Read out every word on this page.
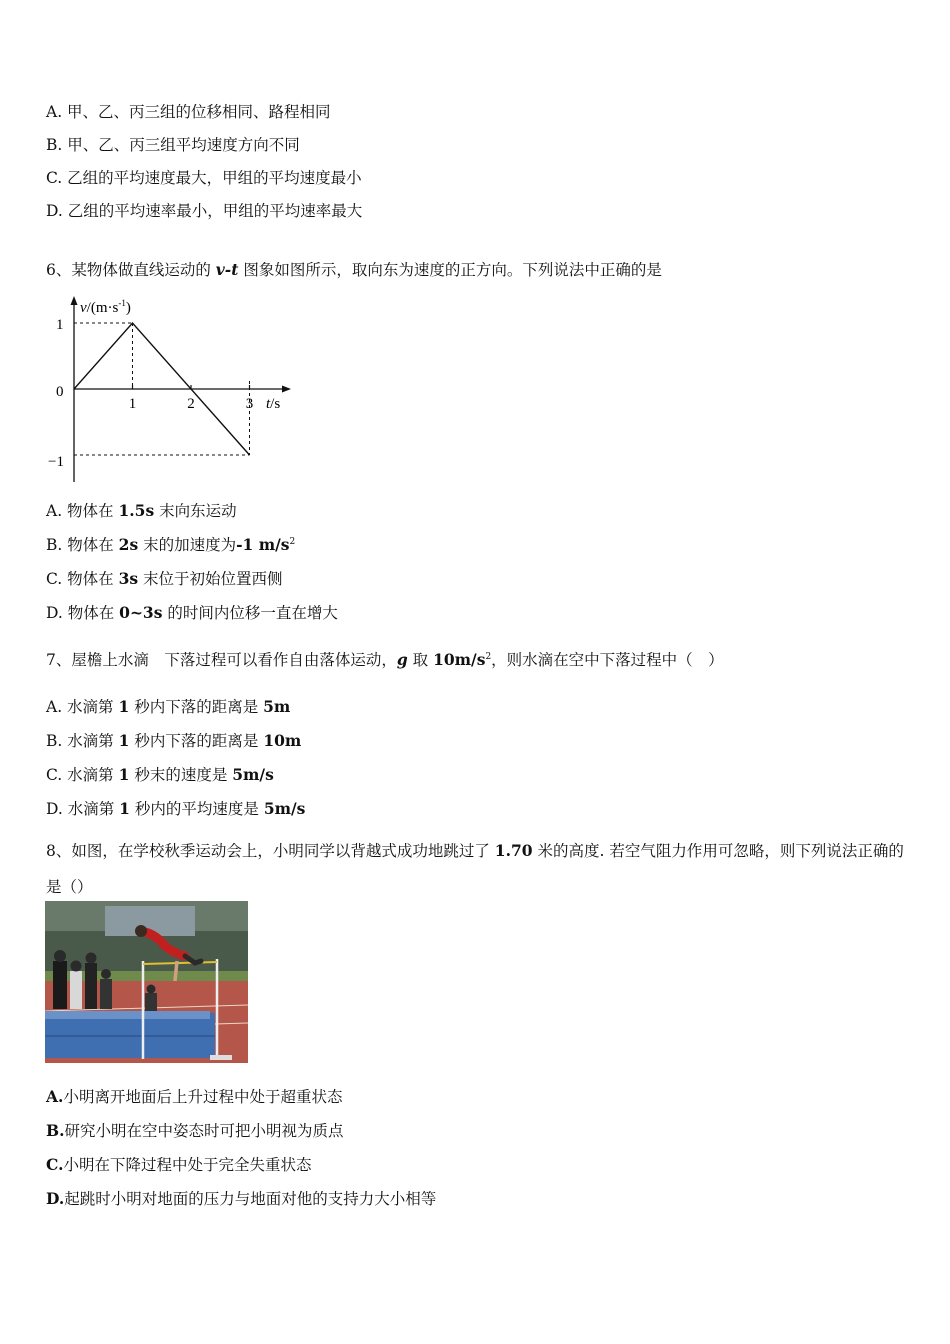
A. 甲、乙、丙三组的位移相同、路程相同
B. 甲、乙、丙三组平均速度方向不同
C. 乙组的平均速度最大，甲组的平均速度最小
D. 乙组的平均速率最小，甲组的平均速率最大
6、某物体做直线运动的 v-t 图象如图所示，取向东为速度的正方向。下列说法中正确的是
$v/(m\cdot s^{-1})$
1
0
−1
1	2	3 t/s
A. 物体在 1.5s 末向东运动
B. 物体在 2s 末的加速度为-1 $m/s^2$
C. 物体在 3s 末位于初始位置西侧
D. 物体在 0~3s 的时间内位移一直在增大
7、屋檐上水滴　下落过程可以看作自由落体运动，g 取 $10m/s^2$，则水滴在空中下落过程中（　）
A. 水滴第 1 秒内下落的距离是 5m
B. 水滴第 1 秒内下落的距离是 10m
C. 水滴第 1 秒末的速度是 5m/s
D. 水滴第 1 秒内的平均速度是 5m/s
8、如图，在学校秋季运动会上，小明同学以背越式成功地跳过了 1.70 米的高度. 若空气阻力作用可忽略，则下列说法正确的是（）
A.小明离开地面后上升过程中处于超重状态
B.研究小明在空中姿态时可把小明视为质点
C.小明在下降过程中处于完全失重状态
D.起跳时小明对地面的压力与地面对他的支持力大小相等
